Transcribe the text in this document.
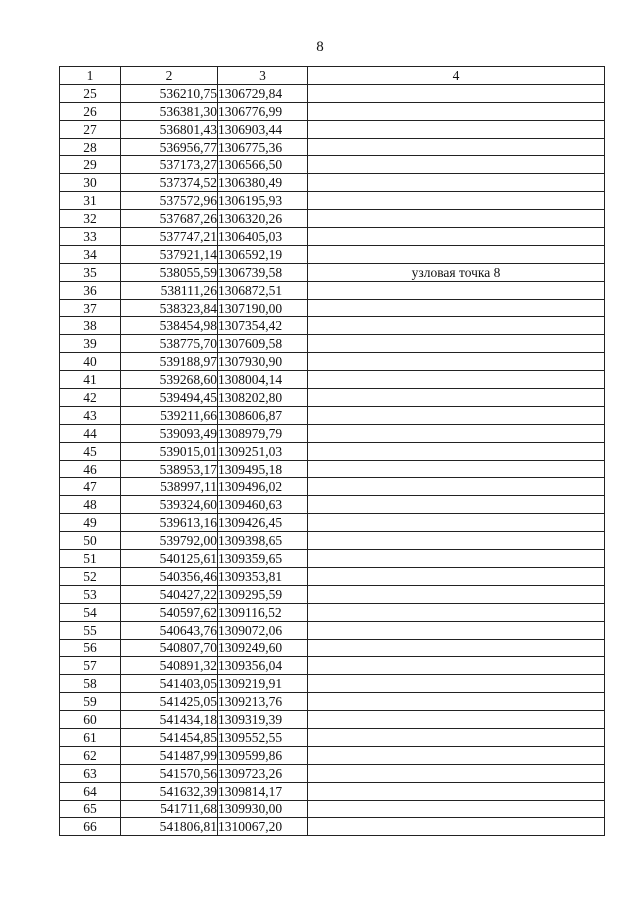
8
1	2	3	4
25	536210,75	1306729,84	
26	536381,30	1306776,99	
27	536801,43	1306903,44	
28	536956,77	1306775,36	
29	537173,27	1306566,50	
30	537374,52	1306380,49	
31	537572,96	1306195,93	
32	537687,26	1306320,26	
33	537747,21	1306405,03	
34	537921,14	1306592,19	
35	538055,59	1306739,58	узловая точка 8
36	538111,26	1306872,51	
37	538323,84	1307190,00	
38	538454,98	1307354,42	
39	538775,70	1307609,58	
40	539188,97	1307930,90	
41	539268,60	1308004,14	
42	539494,45	1308202,80	
43	539211,66	1308606,87	
44	539093,49	1308979,79	
45	539015,01	1309251,03	
46	538953,17	1309495,18	
47	538997,11	1309496,02	
48	539324,60	1309460,63	
49	539613,16	1309426,45	
50	539792,00	1309398,65	
51	540125,61	1309359,65	
52	540356,46	1309353,81	
53	540427,22	1309295,59	
54	540597,62	1309116,52	
55	540643,76	1309072,06	
56	540807,70	1309249,60	
57	540891,32	1309356,04	
58	541403,05	1309219,91	
59	541425,05	1309213,76	
60	541434,18	1309319,39	
61	541454,85	1309552,55	
62	541487,99	1309599,86	
63	541570,56	1309723,26	
64	541632,39	1309814,17	
65	541711,68	1309930,00	
66	541806,81	1310067,20	
